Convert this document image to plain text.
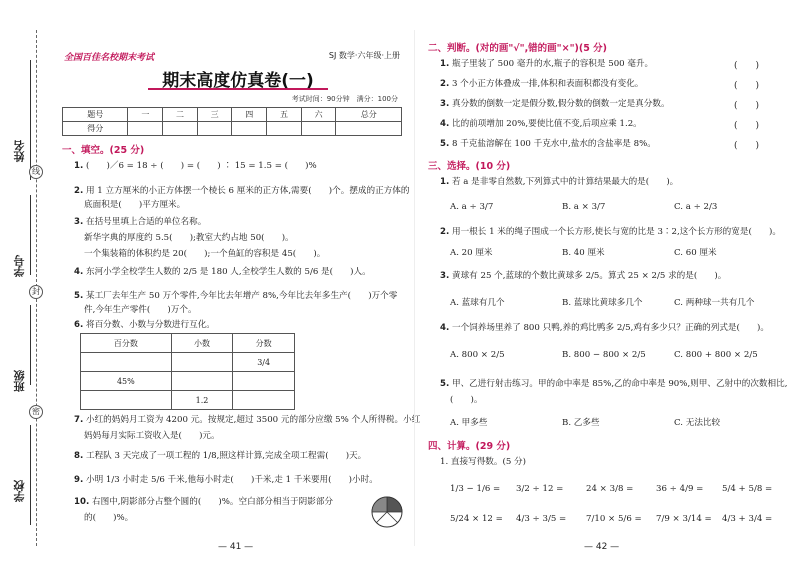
姓名
线
学号
封
班级
密
学校
全国百佳名校期末考试	SJ 数学·六年级·上册
期末高度仿真卷(一)
考试时间：90分钟　满分：100分
题号	一	二	三	四	五	六	总分
得分							
一、填空。(25 分)
1. (　　)／6 = 18 ÷ (　　) = (　　) ∶ 15 = 1.5 = (　　)%
2. 用 1 立方厘米的小正方体摆一个棱长 6 厘米的正方体,需要(　　)个。摆成的正方体的
底面积是(　　)平方厘米。
3. 在括号里填上合适的单位名称。
新华字典的厚度约 5.5(　　);教室大约占地 50(　　)。
一个集装箱的体积约是 20(　　);一个鱼缸的容积是 45(　　)。
4. 东河小学全校学生人数的 2/5 是 180 人,全校学生人数的 5/6 是(　　)人。
5. 某工厂去年生产 50 万个零件,今年比去年增产 8%,今年比去年多生产(　　)万个零
件,今年生产零件(　　)万个。
6. 将百分数、小数与分数进行互化。
百分数	小数	分数
		3/4
45%		
	1.2	
7. 小红的妈妈月工资为 4200 元。按规定,超过 3500 元的部分应缴 5% 个人所得税。小红
妈妈每月实际工资收入是(　　)元。
8. 工程队 3 天完成了一项工程的 1/8,照这样计算,完成全项工程需(　　)天。
9. 小明 1/3 小时走 5/6 千米,他每小时走(　　)千米,走 1 千米要用(　　)小时。
10. 右图中,阴影部分占整个圆的(　　)%。空白部分相当于阴影部分
的(　　)%。
— 41 —
二、判断。(对的画"√",错的画"×")(5 分)
1. 瓶子里装了 500 毫升的水,瓶子的容积是 500 毫升。	(　　)
2. 3 个小正方体叠成一排,体积和表面积都没有变化。	(　　)
3. 真分数的倒数一定是假分数,假分数的倒数一定是真分数。	(　　)
4. 比的前项增加 20%,要使比值不变,后项应乘 1.2。	(　　)
5. 8 千克盐溶解在 100 千克水中,盐水的含盐率是 8%。	(　　)
三、选择。(10 分)
1. 若 a 是非零自然数,下列算式中的计算结果最大的是(　　)。
A. a ÷ 3/7	B. a × 3/7	C. a ÷ 2/3
2. 用一根长 1 米的绳子围成一个长方形,使长与宽的比是 3∶2,这个长方形的宽是(　　)。
A. 20 厘米	B. 40 厘米	C. 60 厘米
3. 黄球有 25 个,蓝球的个数比黄球多 2/5。算式 25 × 2/5 求的是(　　)。
A. 蓝球有几个	B. 蓝球比黄球多几个	C. 两种球一共有几个
4. 一个饲养场里养了 800 只鸭,养的鸡比鸭多 2/5,鸡有多少只？正确的列式是(　　)。
A. 800 × 2/5	B. 800 − 800 × 2/5	C. 800 + 800 × 2/5
5. 甲、乙进行射击练习。甲的命中率是 85%,乙的命中率是 90%,则甲、乙射中的次数相比,
(　　)。
A. 甲多些	B. 乙多些	C. 无法比较
四、计算。(29 分)
1. 直接写得数。(5 分)
1/3 − 1/6 = 3/2 ÷ 12 =	24 × 3/8 =	36 ÷ 4/9 = 5/4 + 5/8 =
5/24 × 12 = 4/3 ÷ 3/5 = 7/10 × 5/6 = 7/9 × 3/14 = 4/3 + 3/4 =
— 42 —
